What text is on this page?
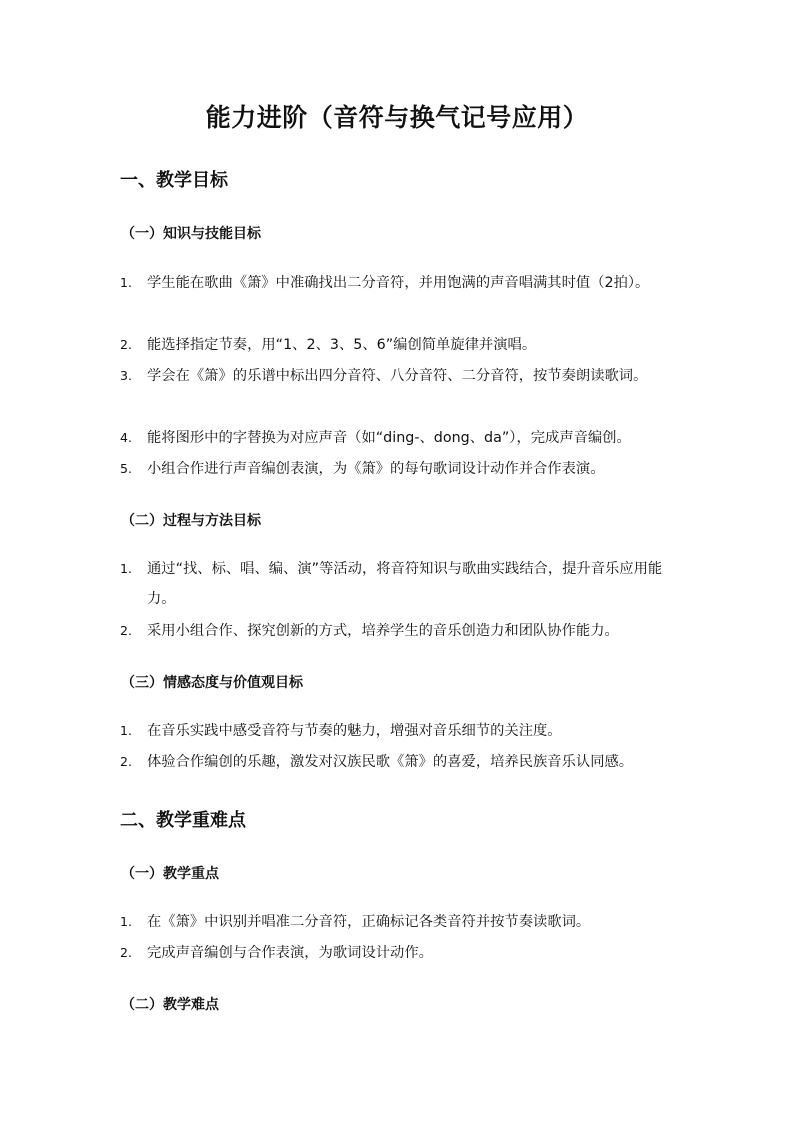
能力进阶（音符与换气记号应用）
一、教学目标
（一）知识与技能目标
1.	学生能在歌曲《箫》中准确找出二分音符，并用饱满的声音唱满其时值（2拍）。
2.	能选择指定节奏，用“1、2、3、5、6”编创简单旋律并演唱。
3.	学会在《箫》的乐谱中标出四分音符、八分音符、二分音符，按节奏朗读歌词。
4.	能将图形中的字替换为对应声音（如“ding-、dong、da”），完成声音编创。
5.	小组合作进行声音编创表演，为《箫》的每句歌词设计动作并合作表演。
（二）过程与方法目标
1.	通过“找、标、唱、编、演”等活动，将音符知识与歌曲实践结合，提升音乐应用能力。
2.	采用小组合作、探究创新的方式，培养学生的音乐创造力和团队协作能力。
（三）情感态度与价值观目标
1.	在音乐实践中感受音符与节奏的魅力，增强对音乐细节的关注度。
2.	体验合作编创的乐趣，激发对汉族民歌《箫》的喜爱，培养民族音乐认同感。
二、教学重难点
（一）教学重点
1.	在《箫》中识别并唱准二分音符，正确标记各类音符并按节奏读歌词。
2.	完成声音编创与合作表演，为歌词设计动作。
（二）教学难点
